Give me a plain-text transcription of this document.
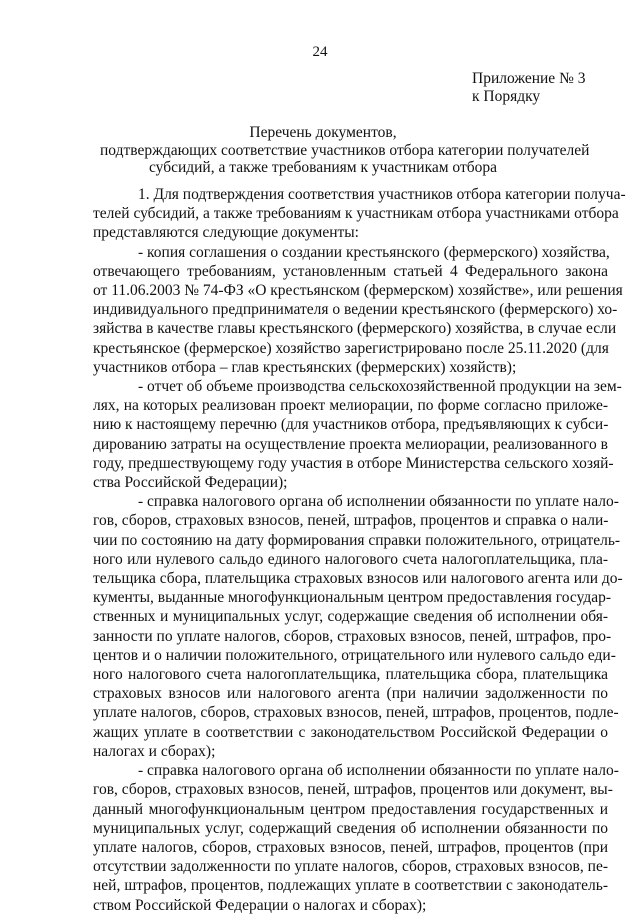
24
Приложение № 3
к Порядку
Перечень документов,
подтверждающих соответствие участников отбора категории получателей
субсидий, а также требованиям к участникам отбора

1. Для подтверждения соответствия участников отбора категории получа-
телей субсидий, а также требованиям к участникам отбора участниками отбора
представляются следующие документы:

- копия соглашения о создании крестьянского (фермерского) хозяйства,
отвечающего требованиям, установленным статьей 4 Федерального закона
от 11.06.2003 № 74-ФЗ «О крестьянском (фермерском) хозяйстве», или решения
индивидуального предпринимателя о ведении крестьянского (фермерского) хо-
зяйства в качестве главы крестьянского (фермерского) хозяйства, в случае если
крестьянское (фермерское) хозяйство зарегистрировано после 25.11.2020 (для
участников отбора – глав крестьянских (фермерских) хозяйств);

- отчет об объеме производства сельскохозяйственной продукции на зем-
лях, на которых реализован проект мелиорации, по форме согласно приложе-
нию к настоящему перечню (для участников отбора, предъявляющих к субси-
дированию затраты на осуществление проекта мелиорации, реализованного в
году, предшествующему году участия в отборе Министерства сельского хозяй-
ства Российской Федерации);

- справка налогового органа об исполнении обязанности по уплате нало-
гов, сборов, страховых взносов, пеней, штрафов, процентов и справка о нали-
чии по состоянию на дату формирования справки положительного, отрицатель-
ного или нулевого сальдо единого налогового счета налогоплательщика, пла-
тельщика сбора, плательщика страховых взносов или налогового агента или до-
кументы, выданные многофункциональным центром предоставления государ-
ственных и муниципальных услуг, содержащие сведения об исполнении обя-
занности по уплате налогов, сборов, страховых взносов, пеней, штрафов, про-
центов и о наличии положительного, отрицательного или нулевого сальдо еди-
ного налогового счета налогоплательщика, плательщика сбора, плательщика
страховых взносов или налогового агента (при наличии задолженности по
уплате налогов, сборов, страховых взносов, пеней, штрафов, процентов, подле-
жащих уплате в соответствии с законодательством Российской Федерации о
налогах и сборах);

- справка налогового органа об исполнении обязанности по уплате нало-
гов, сборов, страховых взносов, пеней, штрафов, процентов или документ, вы-
данный многофункциональным центром предоставления государственных и
муниципальных услуг, содержащий сведения об исполнении обязанности по
уплате налогов, сборов, страховых взносов, пеней, штрафов, процентов (при
отсутствии задолженности по уплате налогов, сборов, страховых взносов, пе-
ней, штрафов, процентов, подлежащих уплате в соответствии с законодатель-
ством Российской Федерации о налогах и сборах);
